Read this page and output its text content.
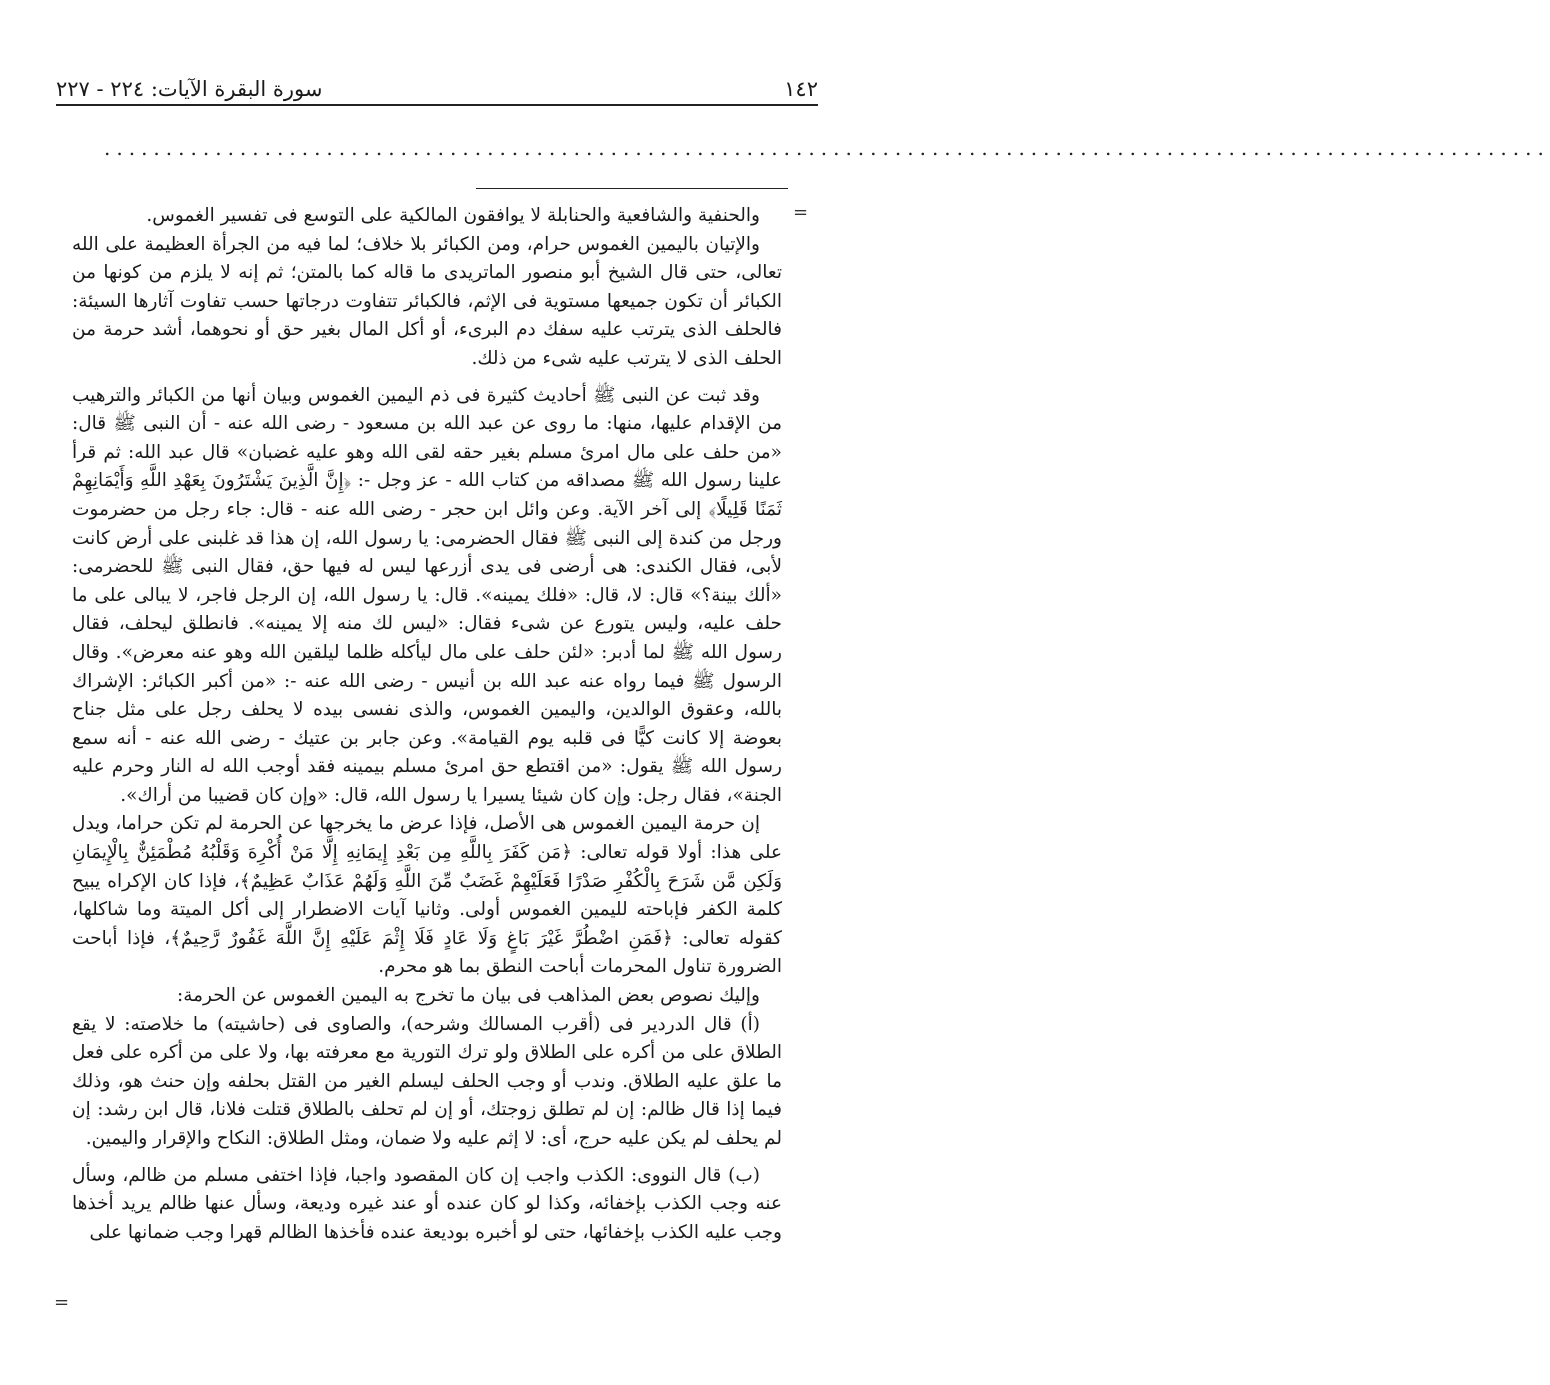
١٤٢
سورة البقرة الآيات: ٢٢٤ - ٢٢٧
.....................................................................................................................
=

والحنفية والشافعية والحنابلة لا يوافقون المالكية على التوسع فى تفسير الغموس.

والإتيان باليمين الغموس حرام، ومن الكبائر بلا خلاف؛ لما فيه من الجرأة العظيمة على الله تعالى، حتى قال الشيخ أبو منصور الماتريدى ما قاله كما بالمتن؛ ثم إنه لا يلزم من كونها من الكبائر أن تكون جميعها مستوية فى الإثم، فالكبائر تتفاوت درجاتها حسب تفاوت آثارها السيئة: فالحلف الذى يترتب عليه سفك دم البرىء، أو أكل المال بغير حق أو نحوهما، أشد حرمة من الحلف الذى لا يترتب عليه شىء من ذلك.

وقد ثبت عن النبى ﷺ أحاديث كثيرة فى ذم اليمين الغموس وبيان أنها من الكبائر والترهيب من الإقدام عليها، منها: ما روى عن عبد الله بن مسعود - رضى الله عنه - أن النبى ﷺ قال: «من حلف على مال امرئ مسلم بغير حقه لقى الله وهو عليه غضبان» قال عبد الله: ثم قرأ علينا رسول الله ﷺ مصداقه من كتاب الله - عز وجل -: ﴿إِنَّ الَّذِينَ يَشْتَرُونَ بِعَهْدِ اللَّهِ وَأَيْمَانِهِمْ ثَمَنًا قَلِيلًا﴾ إلى آخر الآية. وعن وائل ابن حجر - رضى الله عنه - قال: جاء رجل من حضرموت ورجل من كندة إلى النبى ﷺ فقال الحضرمى: يا رسول الله، إن هذا قد غلبنى على أرض كانت لأبى، فقال الكندى: هى أرضى فى يدى أزرعها ليس له فيها حق، فقال النبى ﷺ للحضرمى: «ألك بينة؟» قال: لا، قال: «فلك يمينه». قال: يا رسول الله، إن الرجل فاجر، لا يبالى على ما حلف عليه، وليس يتورع عن شىء فقال: «ليس لك منه إلا يمينه». فانطلق ليحلف، فقال رسول الله ﷺ لما أدبر: «لئن حلف على مال ليأكله ظلما ليلقين الله وهو عنه معرض». وقال الرسول ﷺ فيما رواه عنه عبد الله بن أنيس - رضى الله عنه -: «من أكبر الكبائر: الإشراك بالله، وعقوق الوالدين، واليمين الغموس، والذى نفسى بيده لا يحلف رجل على مثل جناح بعوضة إلا كانت كيًّا فى قلبه يوم القيامة». وعن جابر بن عتيك - رضى الله عنه - أنه سمع رسول الله ﷺ يقول: «من اقتطع حق امرئ مسلم بيمينه فقد أوجب الله له النار وحرم عليه الجنة»، فقال رجل: وإن كان شيئا يسيرا يا رسول الله، قال: «وإن كان قضيبا من أراك».

إن حرمة اليمين الغموس هى الأصل، فإذا عرض ما يخرجها عن الحرمة لم تكن حراما، ويدل على هذا: أولا قوله تعالى: ﴿مَن كَفَرَ بِاللَّهِ مِن بَعْدِ إِيمَانِهِ إِلَّا مَنْ أُكْرِهَ وَقَلْبُهُ مُطْمَئِنٌّ بِالْإِيمَانِ وَلَكِن مَّن شَرَحَ بِالْكُفْرِ صَدْرًا فَعَلَيْهِمْ غَضَبٌ مِّنَ اللَّهِ وَلَهُمْ عَذَابٌ عَظِيمٌ﴾، فإذا كان الإكراه يبيح كلمة الكفر فإباحته لليمين الغموس أولى. وثانيا آيات الاضطرار إلى أكل الميتة وما شاكلها، كقوله تعالى: ﴿فَمَنِ اضْطُرَّ غَيْرَ بَاغٍ وَلَا عَادٍ فَلَا إِثْمَ عَلَيْهِ إِنَّ اللَّهَ غَفُورٌ رَّحِيمٌ﴾، فإذا أباحت الضرورة تناول المحرمات أباحت النطق بما هو محرم.

وإليك نصوص بعض المذاهب فى بيان ما تخرج به اليمين الغموس عن الحرمة:

(أ) قال الدردير فى (أقرب المسالك وشرحه)، والصاوى فى (حاشيته) ما خلاصته: لا يقع الطلاق على من أكره على الطلاق ولو ترك التورية مع معرفته بها، ولا على من أكره على فعل ما علق عليه الطلاق. وندب أو وجب الحلف ليسلم الغير من القتل بحلفه وإن حنث هو، وذلك فيما إذا قال ظالم: إن لم تطلق زوجتك، أو إن لم تحلف بالطلاق قتلت فلانا، قال ابن رشد: إن لم يحلف لم يكن عليه حرج، أى: لا إثم عليه ولا ضمان، ومثل الطلاق: النكاح والإقرار واليمين.

(ب) قال النووى: الكذب واجب إن كان المقصود واجبا، فإذا اختفى مسلم من ظالم، وسأل عنه وجب الكذب بإخفائه، وكذا لو كان عنده أو عند غيره وديعة، وسأل عنها ظالم يريد أخذها وجب عليه الكذب بإخفائها، حتى لو أخبره بوديعة عنده فأخذها الظالم قهرا وجب ضمانها على

=
